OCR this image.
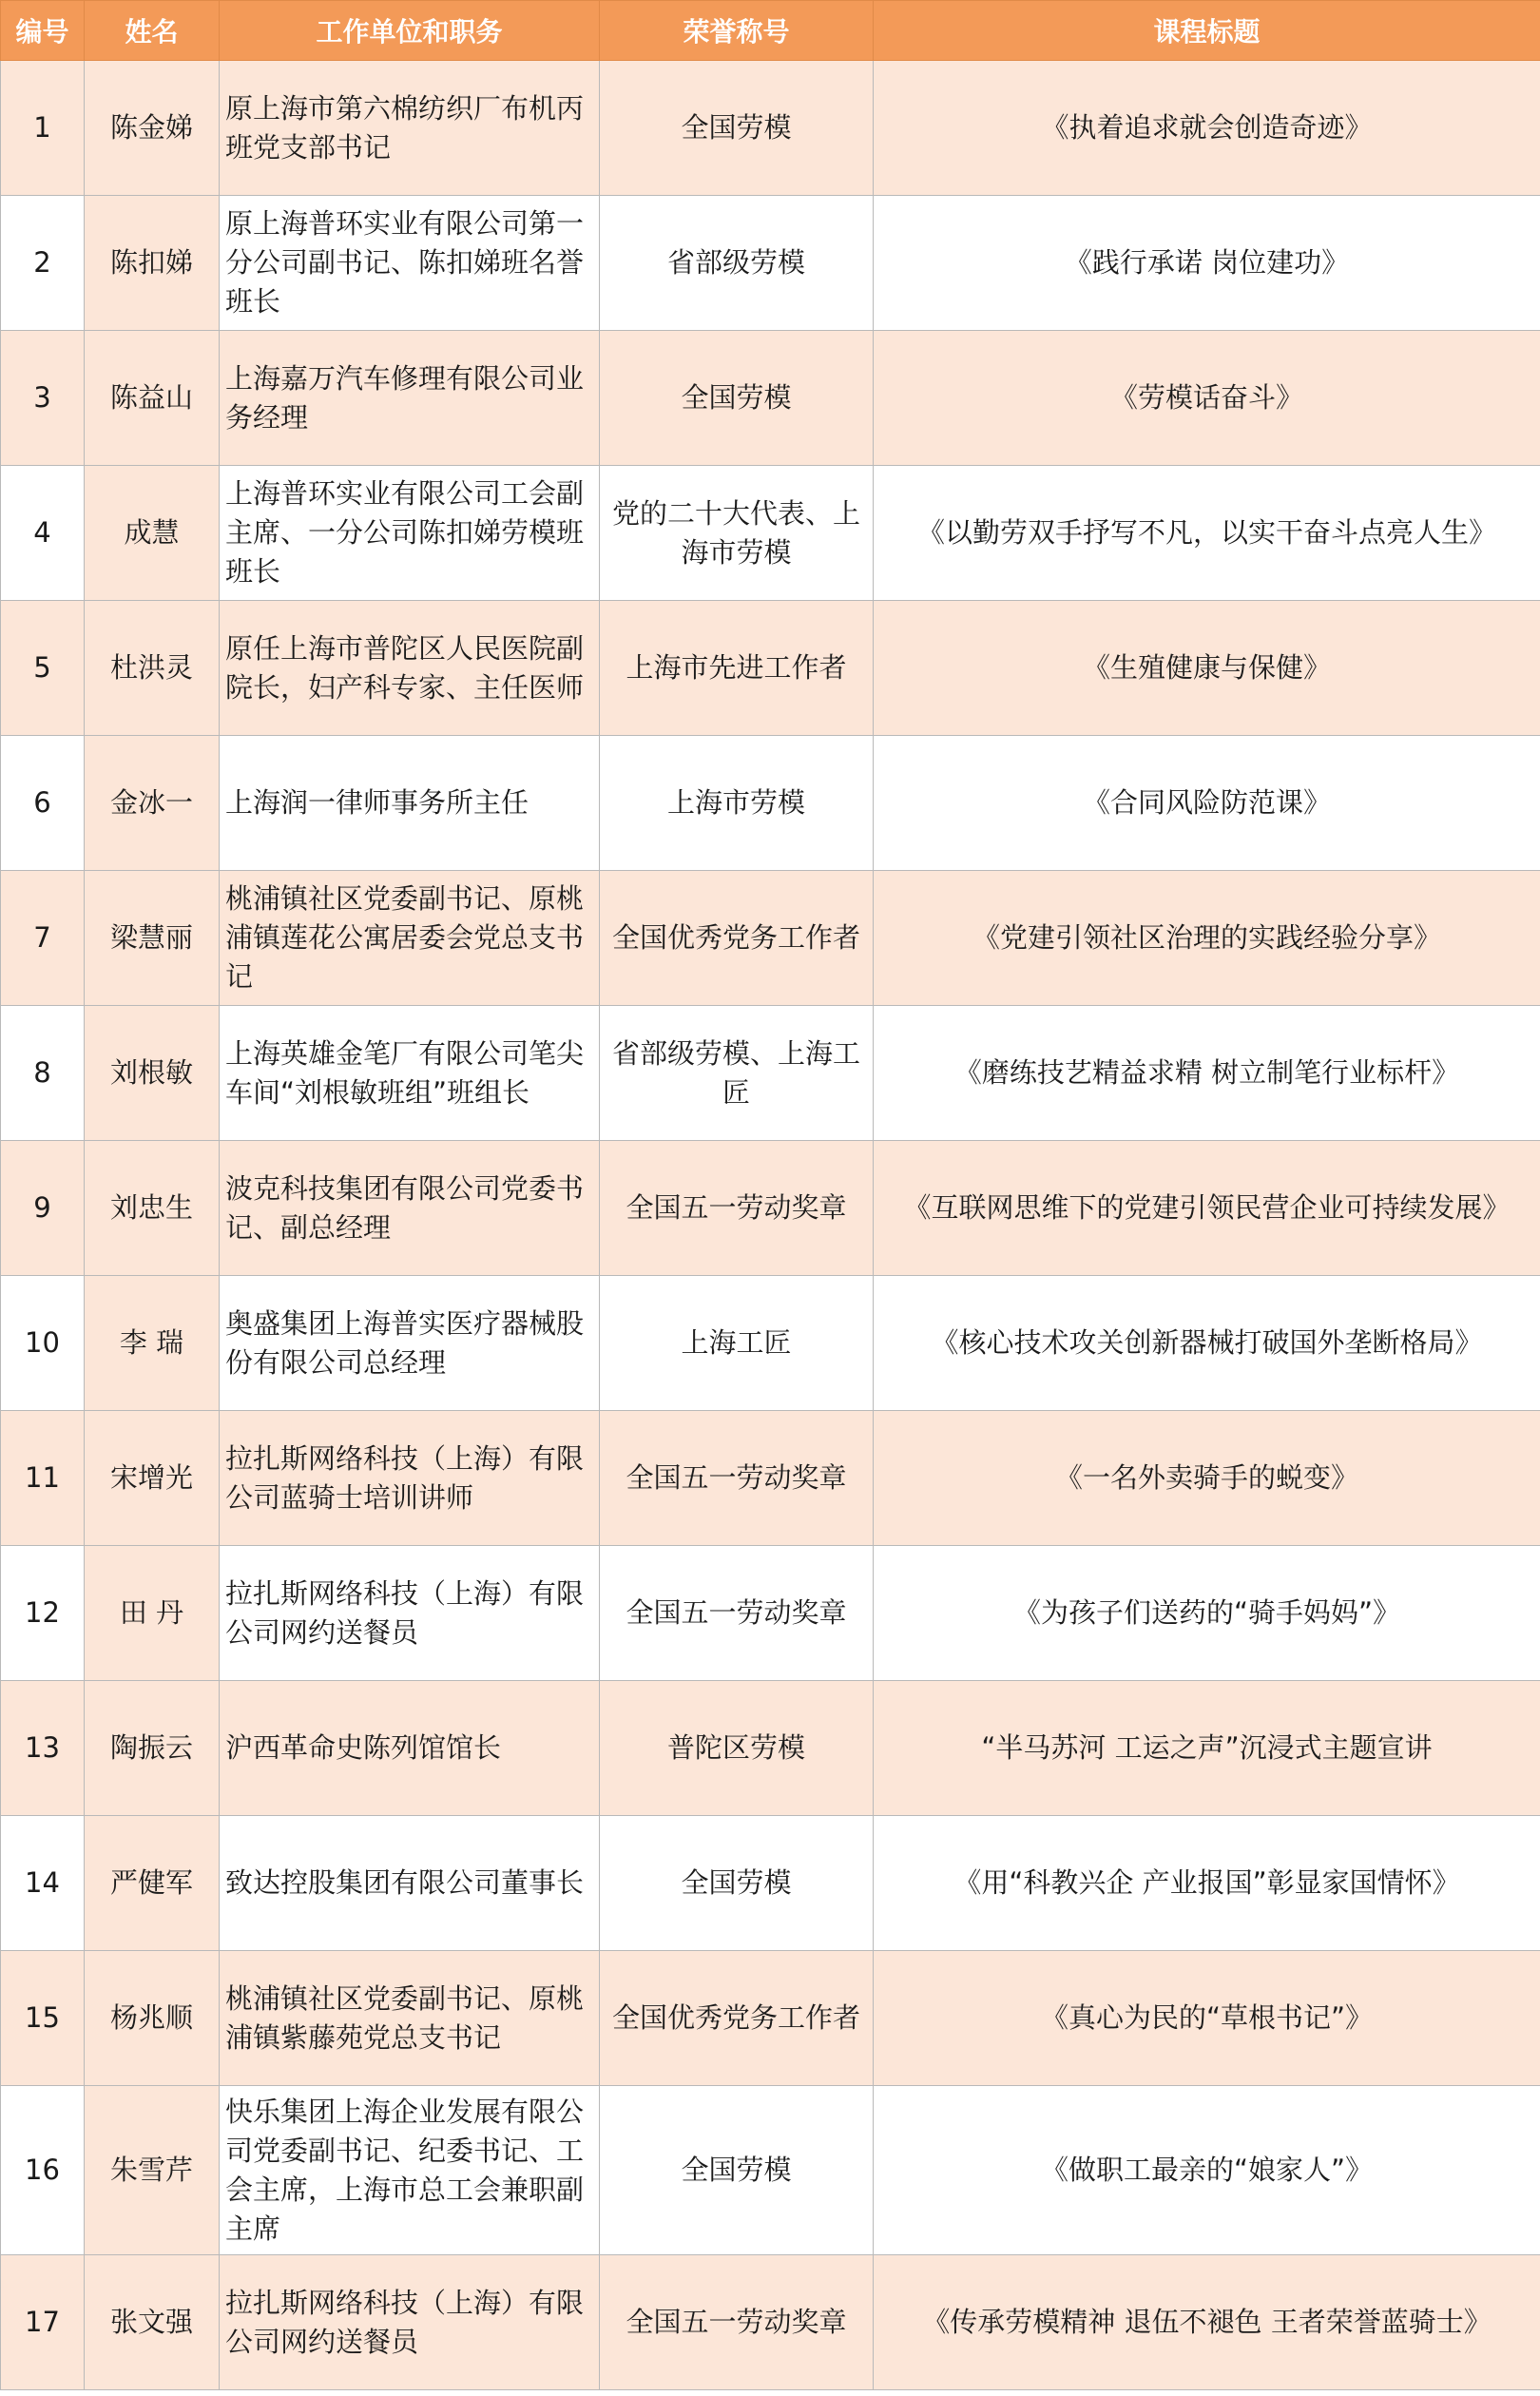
编号	姓名	工作单位和职务	荣誉称号	课程标题
1	陈金娣	原上海市第六棉纺织厂布机丙班党支部书记	全国劳模	《执着追求就会创造奇迹》
2	陈扣娣	原上海普环实业有限公司第一分公司副书记、陈扣娣班名誉班长	省部级劳模	《践行承诺 岗位建功》
3	陈益山	上海嘉万汽车修理有限公司业务经理	全国劳模	《劳模话奋斗》
4	成慧	上海普环实业有限公司工会副主席、一分公司陈扣娣劳模班班长	党的二十大代表、上海市劳模	《以勤劳双手抒写不凡，以实干奋斗点亮人生》
5	杜洪灵	原任上海市普陀区人民医院副院长，妇产科专家、主任医师	上海市先进工作者	《生殖健康与保健》
6	金冰一	上海润一律师事务所主任	上海市劳模	《合同风险防范课》
7	梁慧丽	桃浦镇社区党委副书记、原桃浦镇莲花公寓居委会党总支书记	全国优秀党务工作者	《党建引领社区治理的实践经验分享》
8	刘根敏	上海英雄金笔厂有限公司笔尖车间“刘根敏班组”班组长	省部级劳模、上海工匠	《磨练技艺精益求精 树立制笔行业标杆》
9	刘忠生	波克科技集团有限公司党委书记、副总经理	全国五一劳动奖章	《互联网思维下的党建引领民营企业可持续发展》
10	李 瑞	奥盛集团上海普实医疗器械股份有限公司总经理	上海工匠	《核心技术攻关创新器械打破国外垄断格局》
11	宋增光	拉扎斯网络科技（上海）有限公司蓝骑士培训讲师	全国五一劳动奖章	《一名外卖骑手的蜕变》
12	田 丹	拉扎斯网络科技（上海）有限公司网约送餐员	全国五一劳动奖章	《为孩子们送药的“骑手妈妈”》
13	陶振云	沪西革命史陈列馆馆长	普陀区劳模	“半马苏河 工运之声”沉浸式主题宣讲
14	严健军	致达控股集团有限公司董事长	全国劳模	《用“科教兴企 产业报国”彰显家国情怀》
15	杨兆顺	桃浦镇社区党委副书记、原桃浦镇紫藤苑党总支书记	全国优秀党务工作者	《真心为民的“草根书记”》
16	朱雪芹	快乐集团上海企业发展有限公司党委副书记、纪委书记、工会主席，上海市总工会兼职副主席	全国劳模	《做职工最亲的“娘家人”》
17	张文强	拉扎斯网络科技（上海）有限公司网约送餐员	全国五一劳动奖章	《传承劳模精神 退伍不褪色 王者荣誉蓝骑士》
